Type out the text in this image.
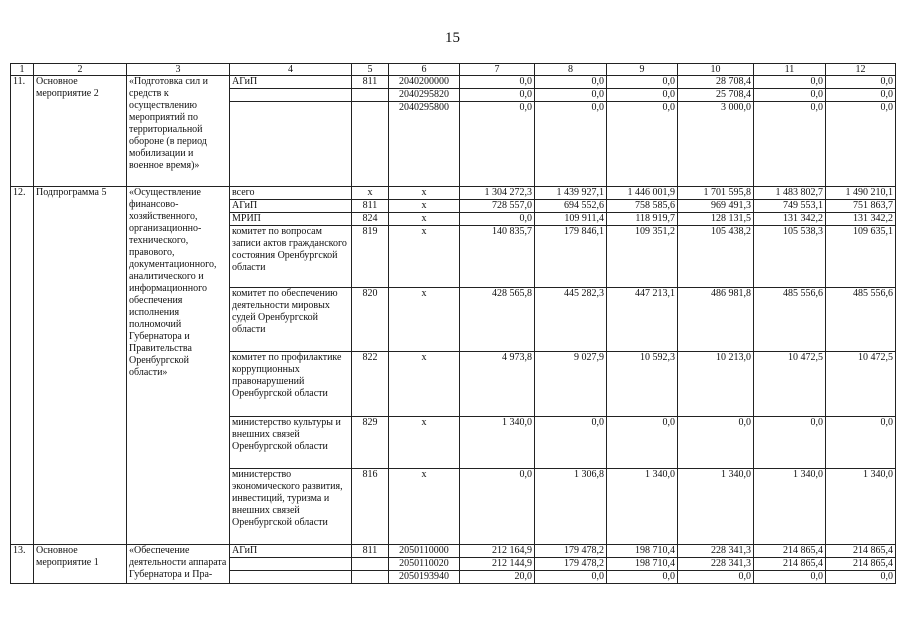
15
1	2	3	4	5	6	7	8	9	10	11	12
11.	Основное мероприятие 2	«Подготовка сил и средств к осуществлению мероприятий по территориальной обороне (в период мобилизации и военное время)»	АГиП	811	2040200000	0,0	0,0	0,0	28 708,4	0,0	0,0
					2040295820	0,0	0,0	0,0	25 708,4	0,0	0,0
					2040295800	0,0	0,0	0,0	3 000,0	0,0	0,0
12.	Подпрограмма 5	«Осуществление финансово-хозяйственного, организационно-технического, правового, документационного, аналитического и информационного обеспечения исполнения полномочий Губернатора и Правительства Оренбургской области»	всего	x	x	1 304 272,3	1 439 927,1	1 446 001,9	1 701 595,8	1 483 802,7	1 490 210,1
			АГиП	811	x	728 557,0	694 552,6	758 585,6	969 491,3	749 553,1	751 863,7
			МРИП	824	x	0,0	109 911,4	118 919,7	128 131,5	131 342,2	131 342,2
			комитет по вопросам записи актов гражданского состояния Оренбургской области	819	x	140 835,7	179 846,1	109 351,2	105 438,2	105 538,3	109 635,1
			комитет по обеспечению деятельности мировых судей Оренбургской области	820	x	428 565,8	445 282,3	447 213,1	486 981,8	485 556,6	485 556,6
			комитет по профилактике коррупционных правонарушений Оренбургской области	822	x	4 973,8	9 027,9	10 592,3	10 213,0	10 472,5	10 472,5
			министерство культуры и внешних связей Оренбургской области	829	x	1 340,0	0,0	0,0	0,0	0,0	0,0
			министерство экономического развития, инвестиций, туризма и внешних связей Оренбургской области	816	x	0,0	1 306,8	1 340,0	1 340,0	1 340,0	1 340,0
13.	Основное мероприятие 1	«Обеспечение деятельности аппарата Губернатора и Пра-	АГиП	811	2050110000	212 164,9	179 478,2	198 710,4	228 341,3	214 865,4	214 865,4
					2050110020	212 144,9	179 478,2	198 710,4	228 341,3	214 865,4	214 865,4
					2050193940	20,0	0,0	0,0	0,0	0,0	0,0
